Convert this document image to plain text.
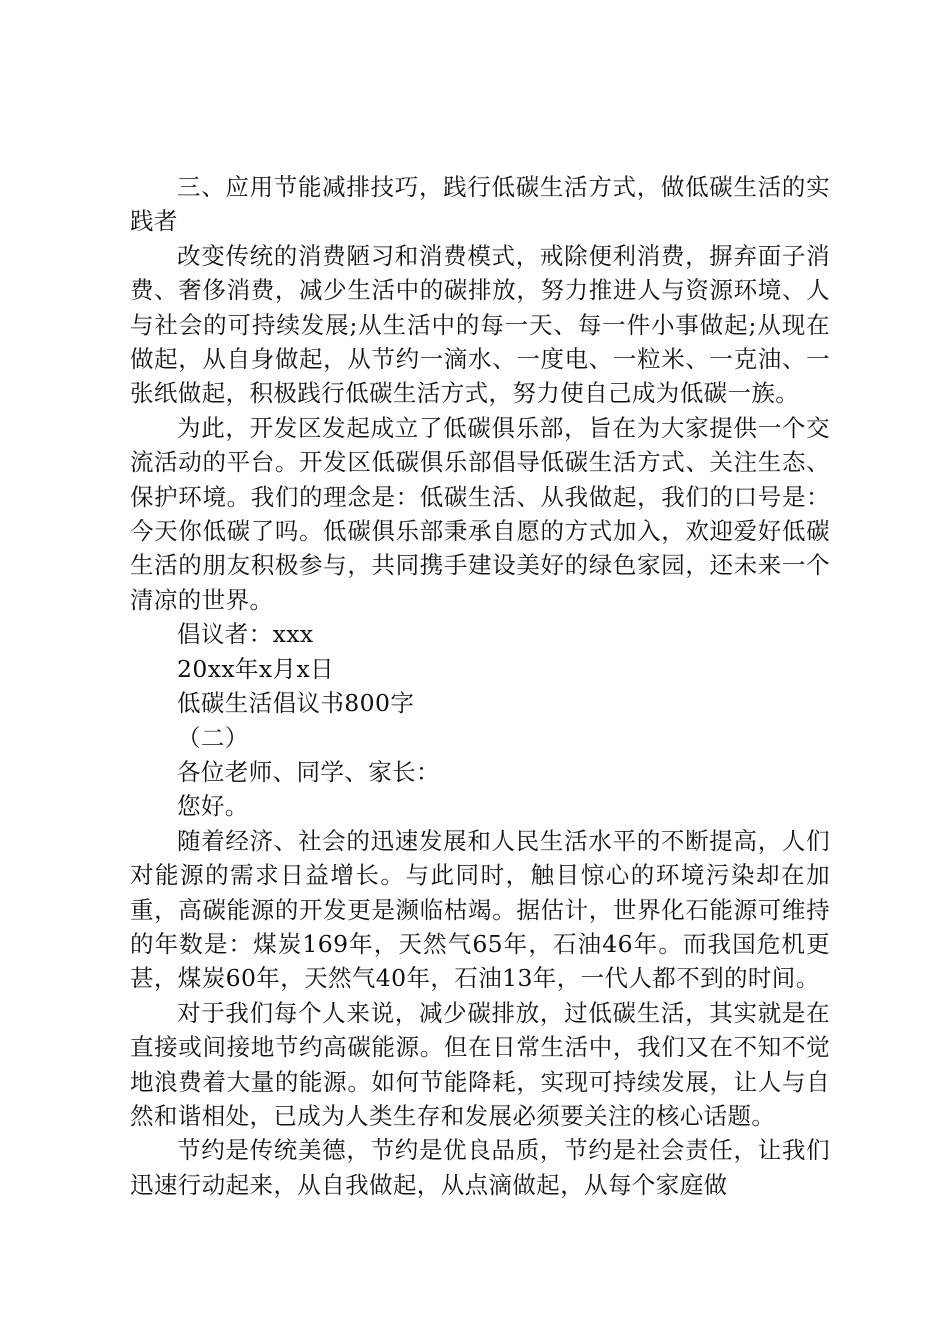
三、应用节能减排技巧，践行低碳生活方式，做低碳生活的实践者

改变传统的消费陋习和消费模式，戒除便利消费，摒弃面子消费、奢侈消费，减少生活中的碳排放，努力推进人与资源环境、人与社会的可持续发展;从生活中的每一天、每一件小事做起;从现在做起，从自身做起，从节约一滴水、一度电、一粒米、一克油、一张纸做起，积极践行低碳生活方式，努力使自己成为低碳一族。

为此，开发区发起成立了低碳俱乐部，旨在为大家提供一个交流活动的平台。开发区低碳俱乐部倡导低碳生活方式、关注生态、保护环境。我们的理念是：低碳生活、从我做起，我们的口号是：今天你低碳了吗。低碳俱乐部秉承自愿的方式加入，欢迎爱好低碳生活的朋友积极参与，共同携手建设美好的绿色家园，还未来一个清凉的世界。

倡议者：xxx

20xx年x月x日

低碳生活倡议书800字

（二）

各位老师、同学、家长：

您好。

随着经济、社会的迅速发展和人民生活水平的不断提高，人们对能源的需求日益增长。与此同时，触目惊心的环境污染却在加重，高碳能源的开发更是濒临枯竭。据估计，世界化石能源可维持的年数是：煤炭169年，天然气65年，石油46年。而我国危机更甚，煤炭60年，天然气40年，石油13年，一代人都不到的时间。

对于我们每个人来说，减少碳排放，过低碳生活，其实就是在直接或间接地节约高碳能源。但在日常生活中，我们又在不知不觉地浪费着大量的能源。如何节能降耗，实现可持续发展，让人与自然和谐相处，已成为人类生存和发展必须要关注的核心话题。

节约是传统美德，节约是优良品质，节约是社会责任，让我们迅速行动起来，从自我做起，从点滴做起，从每个家庭做
